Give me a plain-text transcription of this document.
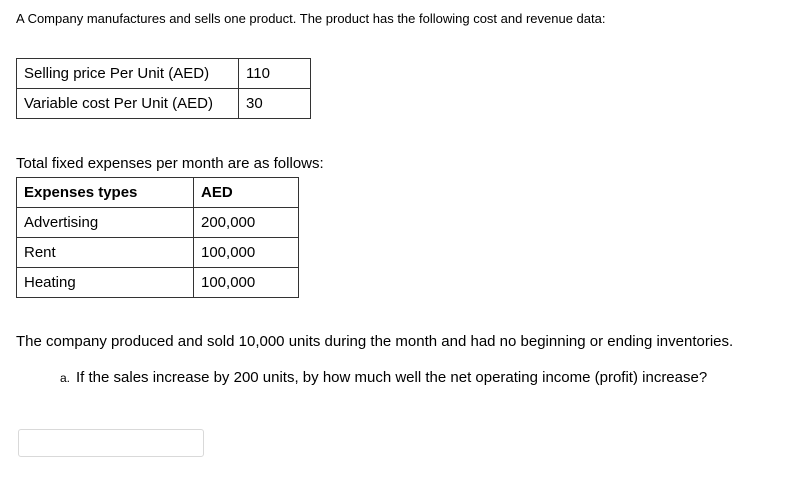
A Company manufactures and sells one product. The product has the following cost and revenue data:
Selling price Per Unit (AED)	110
Variable cost Per Unit (AED)	30
Total fixed expenses per month are as follows:
Expenses types	AED
Advertising	200,000
Rent	100,000
Heating	100,000
The company produced and sold 10,000 units during the month and had no beginning or ending inventories.
a. If the sales increase by 200 units, by how much well the net operating income (profit) increase?
